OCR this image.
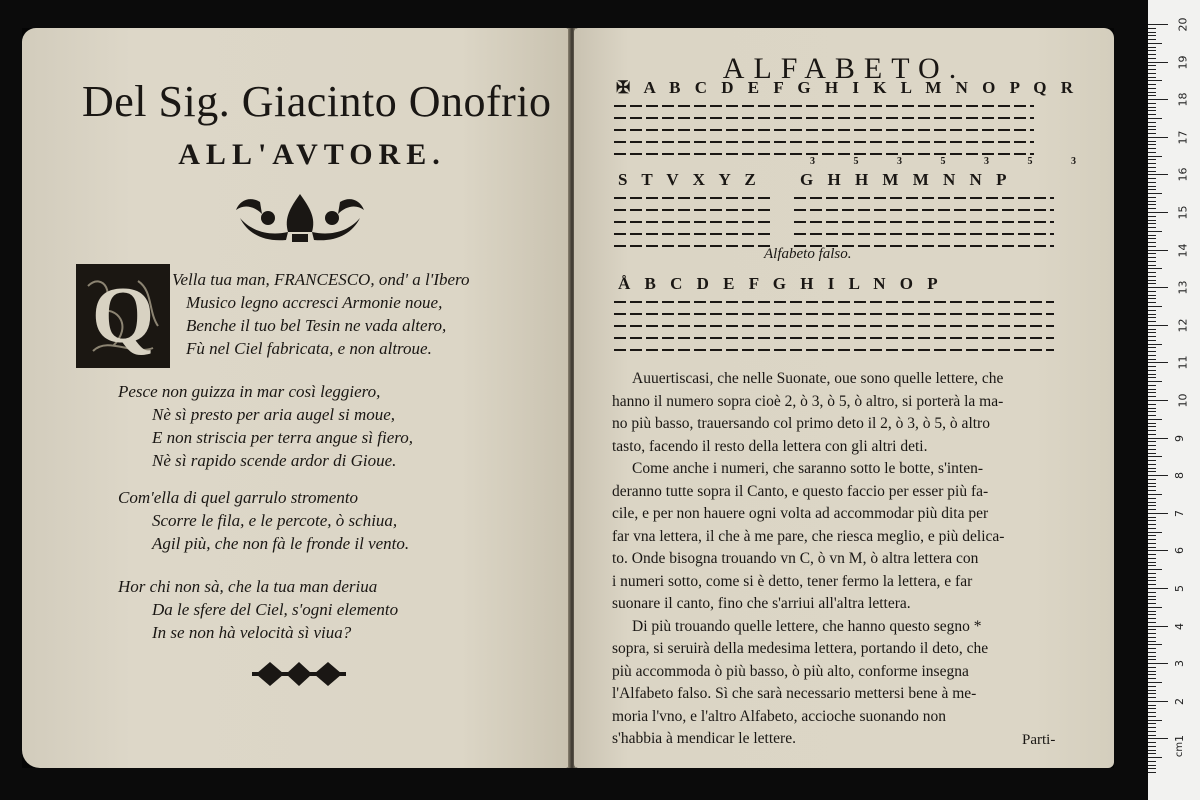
Del Sig. Giacinto Onofrio
ALL'AVTORE.
Q	Vella tua man, FRANCESCO, ond' a l'Ibero
Musico legno accresci Armonie noue,
Benche il tuo bel Tesin ne vada altero,
Fù nel Ciel fabricata, e non altroue.
Pesce non guizza in mar così leggiero,
Nè sì presto per aria augel si moue,
E non striscia per terra angue sì fiero,
Nè sì rapido scende ardor di Gioue.
Com'ella di quel garrulo stromento
Scorre le fila, e le percote, ò schiua,
Agil più, che non fà le fronde il vento.
Hor chi non sà, che la tua man deriua
Da le sfere del Ciel, s'ogni elemento
In se non hà velocità sì viua?
ALFABETO.
✠ A B C D E F G H I K L M N O P Q R
3 5 3 5 3 5 3
S T V X Y Z G H H M M N N P
Alfabeto falso.
Å B C D E F G H I L N O P
Auuertiscasi, che nelle Suonate, oue sono quelle lettere, che
hanno il numero sopra cioè 2, ò 3, ò 5, ò altro, si porterà la ma-
no più basso, trauersando col primo deto il 2, ò 3, ò 5, ò altro
tasto, facendo il resto della lettera con gli altri deti.
Come anche i numeri, che saranno sotto le botte, s'inten-
deranno tutte sopra il Canto, e questo faccio per esser più fa-
cile, e per non hauere ogni volta ad accommodar più dita per
far vna lettera, il che à me pare, che riesca meglio, e più delica-
to. Onde bisogna trouando vn C, ò vn M, ò altra lettera con
i numeri sotto, come si è detto, tener fermo la lettera, e far
suonare il canto, fino che s'arriui all'altra lettera.
Di più trouando quelle lettere, che hanno questo segno *
sopra, si seruirà della medesima lettera, portando il deto, che
più accommoda ò più basso, ò più alto, conforme insegna
l'Alfabeto falso. Sì che sarà necessario mettersi bene à me-
moria l'vno, e l'altro Alfabeto, accioche suonando non
s'habbia à mendicar le lettere.	Parti-
cm
20
19
18
17
16
15
14
13
12
11
10
9
8
7
6
5
4
3
2
1
